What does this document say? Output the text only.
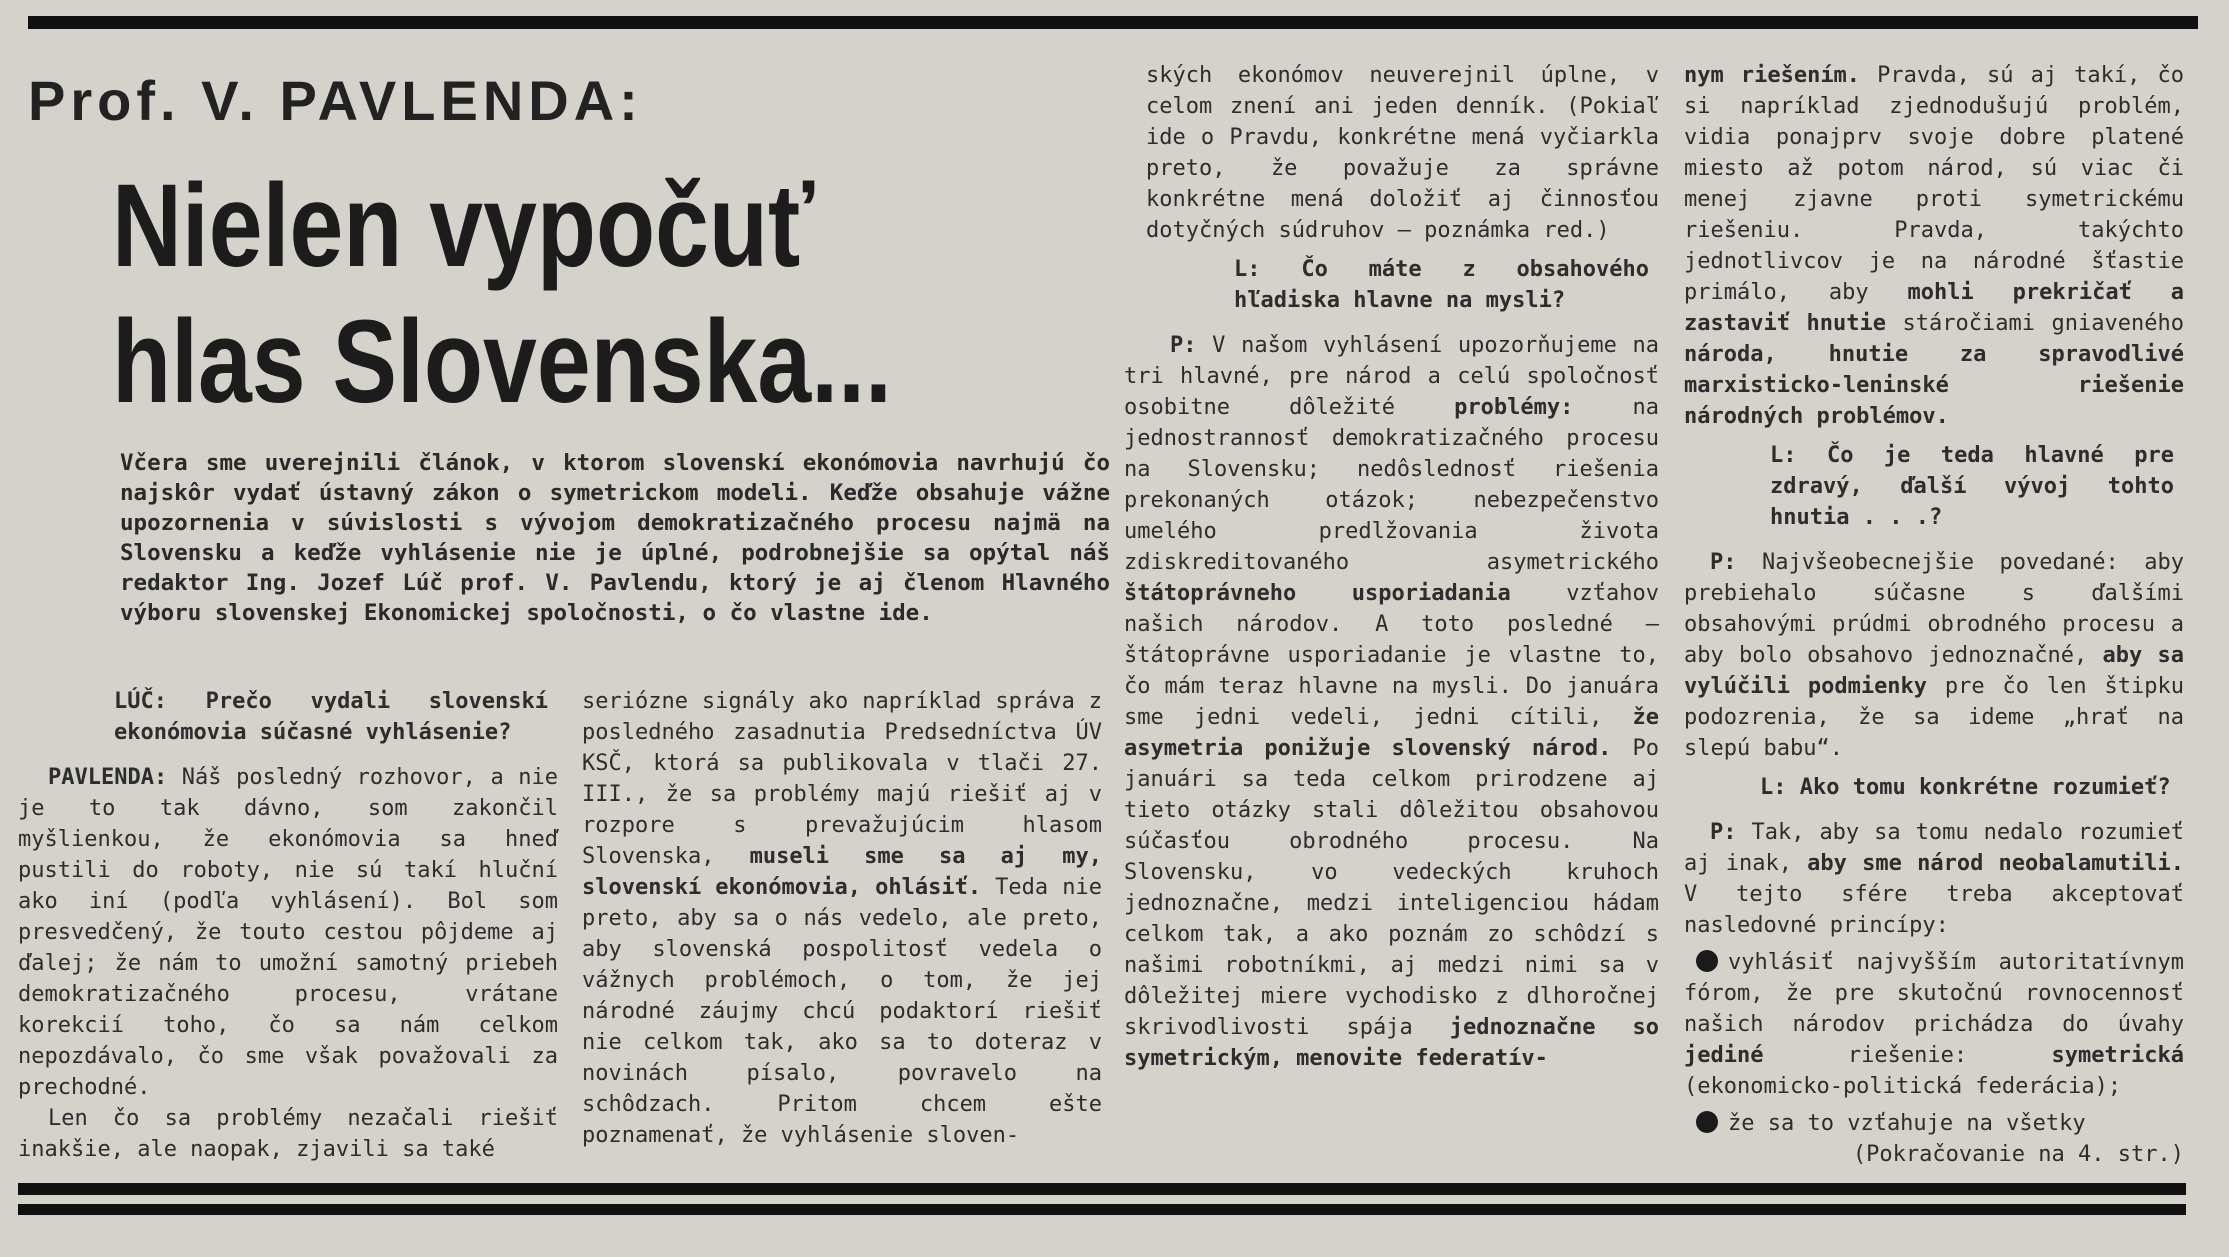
Prof. V. PAVLENDA:
Nielen vypočuť
hlas Slovenska...
Včera sme uverejnili článok, v ktorom slovenskí ekonómovia navrhujú čo najskôr vydať ústavný zákon o symetrickom modeli. Keďže obsahuje vážne upozornenia v súvislosti s vývojom demokratizačného procesu najmä na Slovensku a keďže vyhlásenie nie je úplné, podrobnejšie sa opýtal náš redaktor Ing. Jozef Lúč prof. V. Pavlendu, ktorý je aj členom Hlavného výboru slovenskej Ekonomickej spoločnosti, o čo vlastne ide.

LÚČ: Prečo vydali slovenskí ekonómovia súčasné vyhlásenie?

PAVLENDA: Náš posledný rozhovor, a nie je to tak dávno, som zakončil myšlienkou, že ekonómovia sa hneď pustili do roboty, nie sú takí hluční ako iní (podľa vyhlásení). Bol som presvedčený, že touto cestou pôjdeme aj ďalej; že nám to umožní samotný priebeh demokratizačného procesu, vrátane korekcií toho, čo sa nám celkom nepozdávalo, čo sme však považovali za prechodné.

Len čo sa problémy nezačali riešiť inakšie, ale naopak, zjavili sa také

seriózne signály ako napríklad správa z posledného zasadnutia Predsedníctva ÚV KSČ, ktorá sa publikovala v tlači 27. III., že sa problémy majú riešiť aj v rozpore s prevažujúcim hlasom Slovenska, museli sme sa aj my, slovenskí ekonómovia, ohlásiť. Teda nie preto, aby sa o nás vedelo, ale preto, aby slovenská pospolitosť vedela o vážnych problémoch, o tom, že jej národné záujmy chcú podaktorí riešiť nie celkom tak, ako sa to doteraz v novinách písalo, povravelo na schôdzach. Pritom chcem ešte poznamenať, že vyhlásenie sloven-

ských ekonómov neuverejnil úplne, v celom znení ani jeden denník. (Pokiaľ ide o Pravdu, konkrétne mená vyčiarkla preto, že považuje za správne konkrétne mená doložiť aj činnosťou dotyčných súdruhov — poznámka red.)

L: Čo máte z obsahového hľadiska hlavne na mysli?

P: V našom vyhlásení upozorňujeme na tri hlavné, pre národ a celú spoločnosť osobitne dôležité problémy: na jednostrannosť demokratizačného procesu na Slovensku; nedôslednosť riešenia prekonaných otázok; nebezpečenstvo umelého predlžovania života zdiskreditovaného asymetrického štátoprávneho usporiadania vzťahov našich národov. A toto posledné — štátoprávne usporiadanie je vlastne to, čo mám teraz hlavne na mysli. Do januára sme jedni vedeli, jedni cítili, že asymetria ponižuje slovenský národ. Po januári sa teda celkom prirodzene aj tieto otázky stali dôležitou obsahovou súčasťou obrodného procesu. Na Slovensku, vo vedeckých kruhoch jednoznačne, medzi inteligenciou hádam celkom tak, a ako poznám zo schôdzí s našimi robotníkmi, aj medzi nimi sa v dôležitej miere vychodisko z dlhoročnej skrivodlivosti spája jednoznačne so symetrickým, menovite federatív-

nym riešením. Pravda, sú aj takí, čo si napríklad zjednodušujú problém, vidia ponajprv svoje dobre platené miesto až potom národ, sú viac či menej zjavne proti symetrickému riešeniu. Pravda, takýchto jednotlivcov je na národné šťastie primálo, aby mohli prekričať a zastaviť hnutie stáročiami gniaveného národa, hnutie za spravodlivé marxisticko-leninské riešenie národných problémov.

L: Čo je teda hlavné pre zdravý, ďalší vývoj tohto hnutia . . .?

P: Najvšeobecnejšie povedané: aby prebiehalo súčasne s ďalšími obsahovými prúdmi obrodného procesu a aby bolo obsahovo jednoznačné, aby sa vylúčili podmienky pre čo len štipku podozrenia, že sa ideme „hrať na slepú babu“.

L: Ako tomu konkrétne rozumieť?

P: Tak, aby sa tomu nedalo rozumieť aj inak, aby sme národ neobalamutili. V tejto sfére treba akceptovať nasledovné princípy:

vyhlásiť najvyšším autoritatívnym fórom, že pre skutočnú rovnocennosť našich národov prichádza do úvahy jediné riešenie: symetrická (ekonomicko-politická federácia);

že sa to vzťahuje na všetky

(Pokračovanie na 4. str.)
